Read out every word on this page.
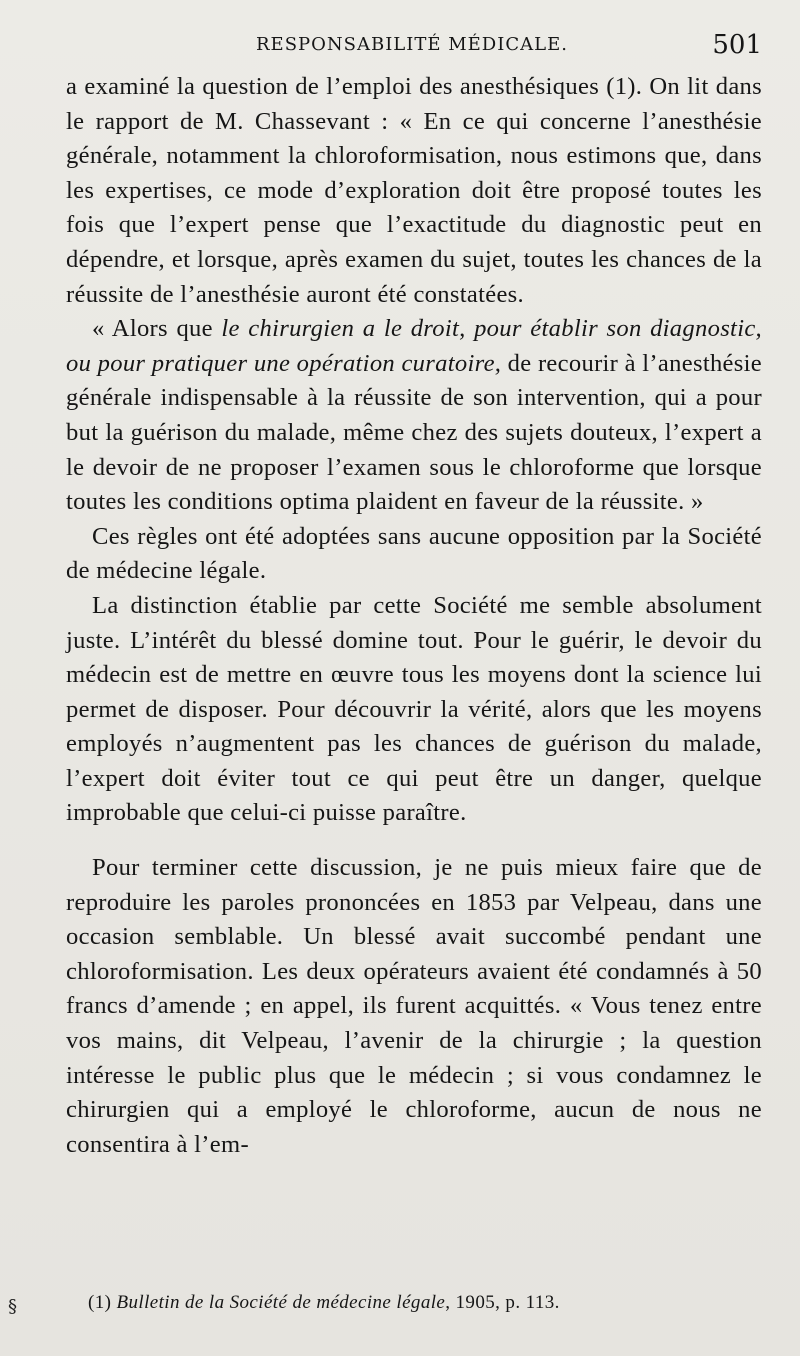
RESPONSABILITÉ MÉDICALE.	501

a examiné la question de l’emploi des anesthésiques (1). On lit dans le rapport de M. Chassevant : « En ce qui concerne l’anesthésie générale, notamment la chloroformisation, nous estimons que, dans les expertises, ce mode d’exploration doit être proposé toutes les fois que l’expert pense que l’exactitude du diagnostic peut en dépendre, et lorsque, après examen du sujet, toutes les chances de la réussite de l’anesthésie auront été constatées.

« Alors que le chirurgien a le droit, pour établir son diagnostic, ou pour pratiquer une opération curatoire, de recourir à l’anesthésie générale indispensable à la réussite de son intervention, qui a pour but la guérison du malade, même chez des sujets douteux, l’expert a le devoir de ne proposer l’examen sous le chloroforme que lorsque toutes les conditions optima plaident en faveur de la réussite. »

Ces règles ont été adoptées sans aucune opposition par la Société de médecine légale.

La distinction établie par cette Société me semble absolument juste. L’intérêt du blessé domine tout. Pour le guérir, le devoir du médecin est de mettre en œuvre tous les moyens dont la science lui permet de disposer. Pour découvrir la vérité, alors que les moyens employés n’augmentent pas les chances de guérison du malade, l’expert doit éviter tout ce qui peut être un danger, quelque improbable que celui-ci puisse paraître.

Pour terminer cette discussion, je ne puis mieux faire que de reproduire les paroles prononcées en 1853 par Velpeau, dans une occasion semblable. Un blessé avait succombé pendant une chloroformisation. Les deux opérateurs avaient été condamnés à 50 francs d’amende ; en appel, ils furent acquittés. « Vous tenez entre vos mains, dit Velpeau, l’avenir de la chirurgie ; la question intéresse le public plus que le médecin ; si vous condamnez le chirurgien qui a employé le chloroforme, aucun de nous ne consentira à l’em-

§	(1) Bulletin de la Société de médecine légale, 1905, p. 113.
